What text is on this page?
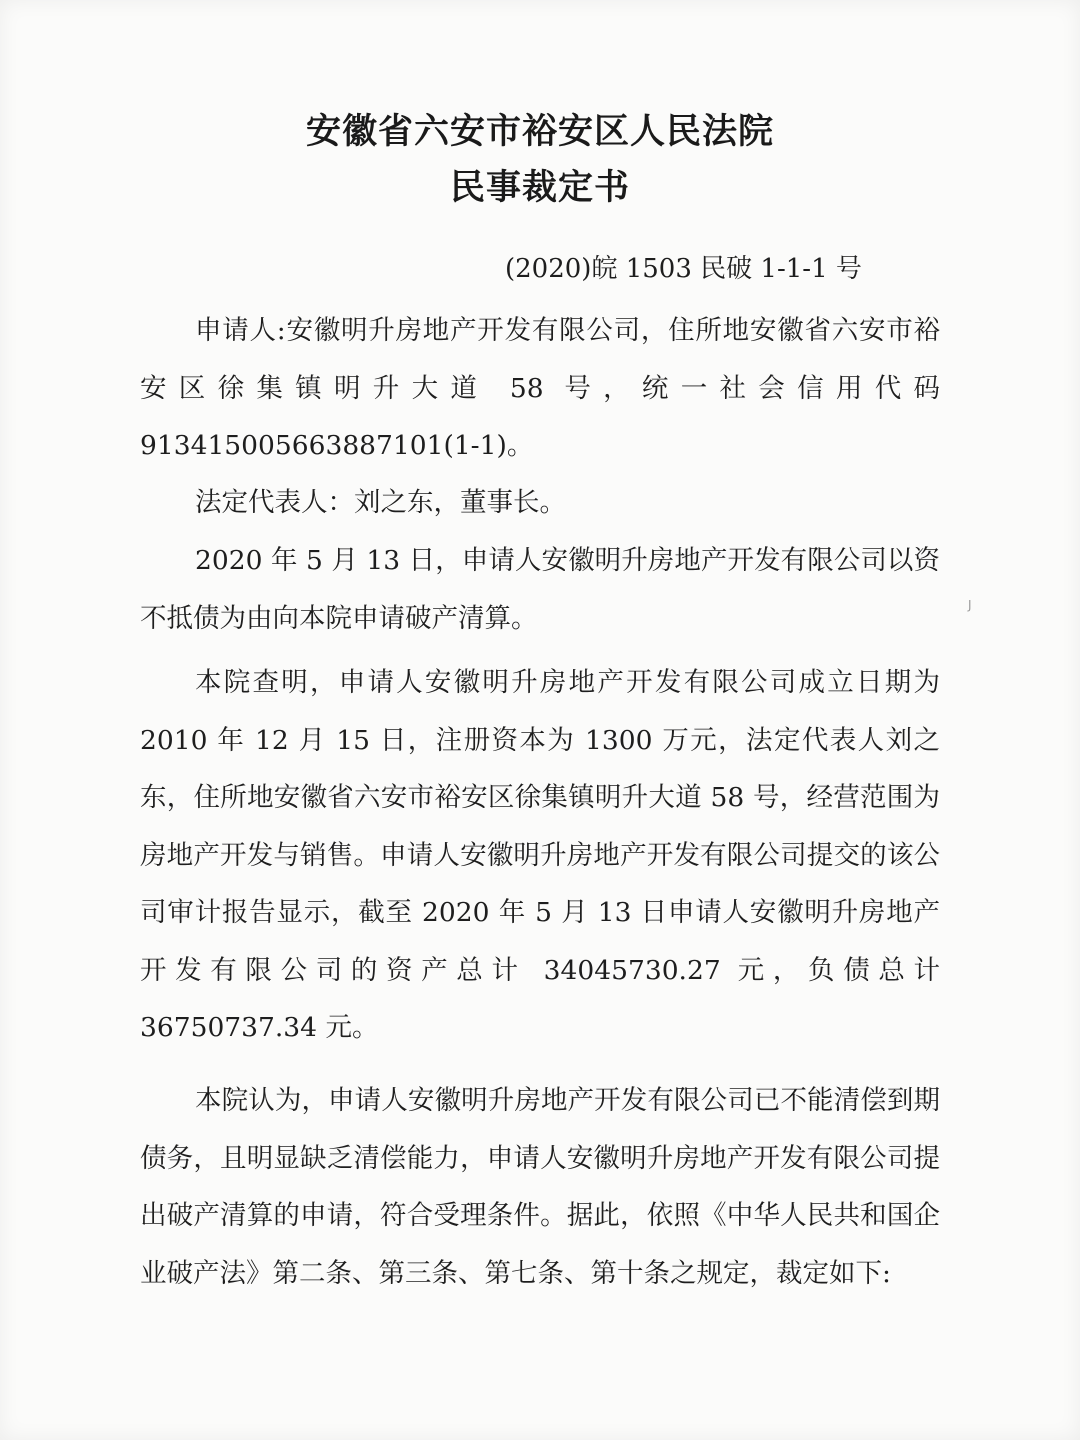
安徽省六安市裕安区人民法院
民事裁定书
(2020)皖 1503 民破 1-1-1 号

申请人:安徽明升房地产开发有限公司，住所地安徽省六安市裕安区徐集镇明升大道 58 号，统一社会信用代码 913415005663887101(1-1)。

法定代表人：刘之东，董事长。

2020 年 5 月 13 日，申请人安徽明升房地产开发有限公司以资不抵债为由向本院申请破产清算。

本院查明，申请人安徽明升房地产开发有限公司成立日期为 2010 年 12 月 15 日，注册资本为 1300 万元，法定代表人刘之东，住所地安徽省六安市裕安区徐集镇明升大道 58 号，经营范围为房地产开发与销售。申请人安徽明升房地产开发有限公司提交的该公司审计报告显示，截至 2020 年 5 月 13 日申请人安徽明升房地产开发有限公司的资产总计 34045730.27 元，负债总计 36750737.34 元。

本院认为，申请人安徽明升房地产开发有限公司已不能清偿到期债务，且明显缺乏清偿能力，申请人安徽明升房地产开发有限公司提出破产清算的申请，符合受理条件。据此，依照《中华人民共和国企业破产法》第二条、第三条、第七条、第十条之规定，裁定如下:

J
